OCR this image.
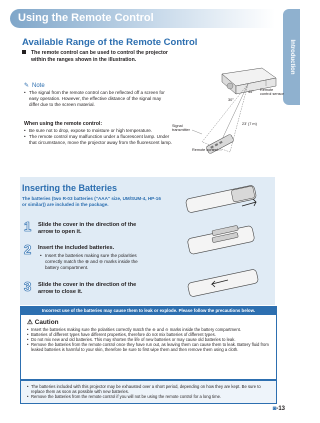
Introduction
Using the Remote Control
Available Range of the Remote Control
The remote control can be used to control the projector
within the ranges shown in the illustration.
✎ Note
• The signal from the remote control can be reflected off a screen for easy operation. However, the effective distance of the signal may differ due to the screen material.
When using the remote control:
• Be sure not to drop, expose to moisture or high temperature.
• The remote control may malfunction under a fluorescent lamp. Under that circumstance, move the projector away from the fluorescent lamp.
Remote control sensor
45°
30°
23' (7 m)
Signal transmitter
Remote control
Inserting the Batteries
The batteries (two R-03 batteries ("AAA" size, UM/SUM-4, HP-16 or similar)) are included in the package.
1 Slide the cover in the direction of the arrow to open it.
2 Insert the included batteries.
• Insert the batteries making sure the polarities correctly match the ⊕ and ⊖ marks inside the battery compartment.
3 Slide the cover in the direction of the arrow to close it.
Incorrect use of the batteries may cause them to leak or explode. Please follow the precautions below.
⚠ Caution
• Insert the batteries making sure the polarities correctly match the ⊕ and ⊖ marks inside the battery compartment.
• Batteries of different types have different properties, therefore do not mix batteries of different types.
• Do not mix new and old batteries. This may shorten the life of new batteries or may cause old batteries to leak.
• Remove the batteries from the remote control once they have run out, as leaving them can cause them to leak. Battery fluid from leaked batteries is harmful to your skin, therefore be sure to first wipe them and then remove them using a cloth.
• The batteries included with this projector may be exhausted over a short period, depending on how they are kept. Be sure to replace them as soon as possible with new batteries.
• Remove the batteries from the remote control if you will not be using the remote control for a long time.
◙-13
